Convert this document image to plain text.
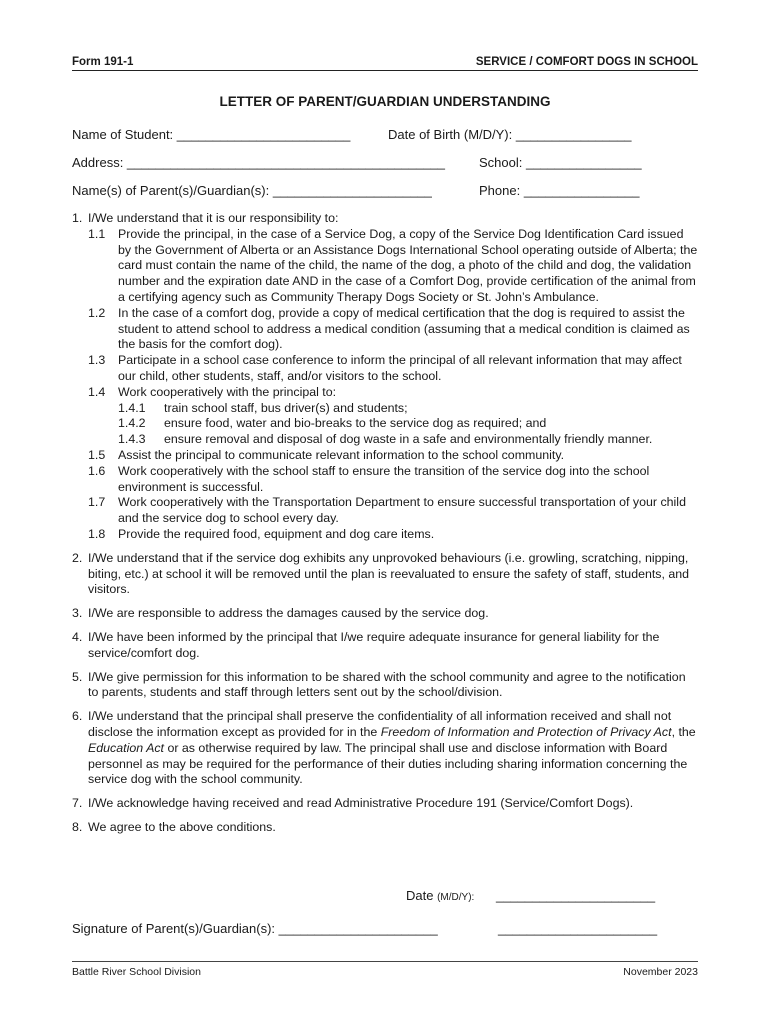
Form 191-1	SERVICE / COMFORT DOGS IN SCHOOL
LETTER OF PARENT/GUARDIAN UNDERSTANDING
Name of Student: ________________________	Date of Birth (M/D/Y): ________________
Address: ____________________________________________	School: ________________
Name(s) of Parent(s)/Guardian(s): ______________________	Phone: ________________

1. I/We understand that it is our responsibility to:

1.1 Provide the principal, in the case of a Service Dog, a copy of the Service Dog Identification Card issued by the Government of Alberta or an Assistance Dogs International School operating outside of Alberta; the card must contain the name of the child, the name of the dog, a photo of the child and dog, the validation number and the expiration date AND in the case of a Comfort Dog, provide certification of the animal from a certifying agency such as Community Therapy Dogs Society or St. John’s Ambulance.

1.2 In the case of a comfort dog, provide a copy of medical certification that the dog is required to assist the student to attend school to address a medical condition (assuming that a medical condition is claimed as the basis for the comfort dog).

1.3 Participate in a school case conference to inform the principal of all relevant information that may affect our child, other students, staff, and/or visitors to the school.

1.4 Work cooperatively with the principal to:

1.4.1 train school staff, bus driver(s) and students;

1.4.2 ensure food, water and bio-breaks to the service dog as required; and

1.4.3 ensure removal and disposal of dog waste in a safe and environmentally friendly manner.

1.5 Assist the principal to communicate relevant information to the school community.

1.6 Work cooperatively with the school staff to ensure the transition of the service dog into the school environment is successful.

1.7 Work cooperatively with the Transportation Department to ensure successful transportation of your child and the service dog to school every day.

1.8 Provide the required food, equipment and dog care items.

2. I/We understand that if the service dog exhibits any unprovoked behaviours (i.e. growling, scratching, nipping, biting, etc.) at school it will be removed until the plan is reevaluated to ensure the safety of staff, students, and visitors.

3. I/We are responsible to address the damages caused by the service dog.

4. I/We have been informed by the principal that I/we require adequate insurance for general liability for the service/comfort dog.

5. I/We give permission for this information to be shared with the school community and agree to the notification to parents, students and staff through letters sent out by the school/division.

6. I/We understand that the principal shall preserve the confidentiality of all information received and shall not disclose the information except as provided for in the Freedom of Information and Protection of Privacy Act, the Education Act or as otherwise required by law. The principal shall use and disclose information with Board personnel as may be required for the performance of their duties including sharing information concerning the service dog with the school community.

7. I/We acknowledge having received and read Administrative Procedure 191 (Service/Comfort Dogs).

8. We agree to the above conditions.

Date (M/D/Y): ______________________
Signature of Parent(s)/Guardian(s): ______________________	______________________
Battle River School Division	November 2023
